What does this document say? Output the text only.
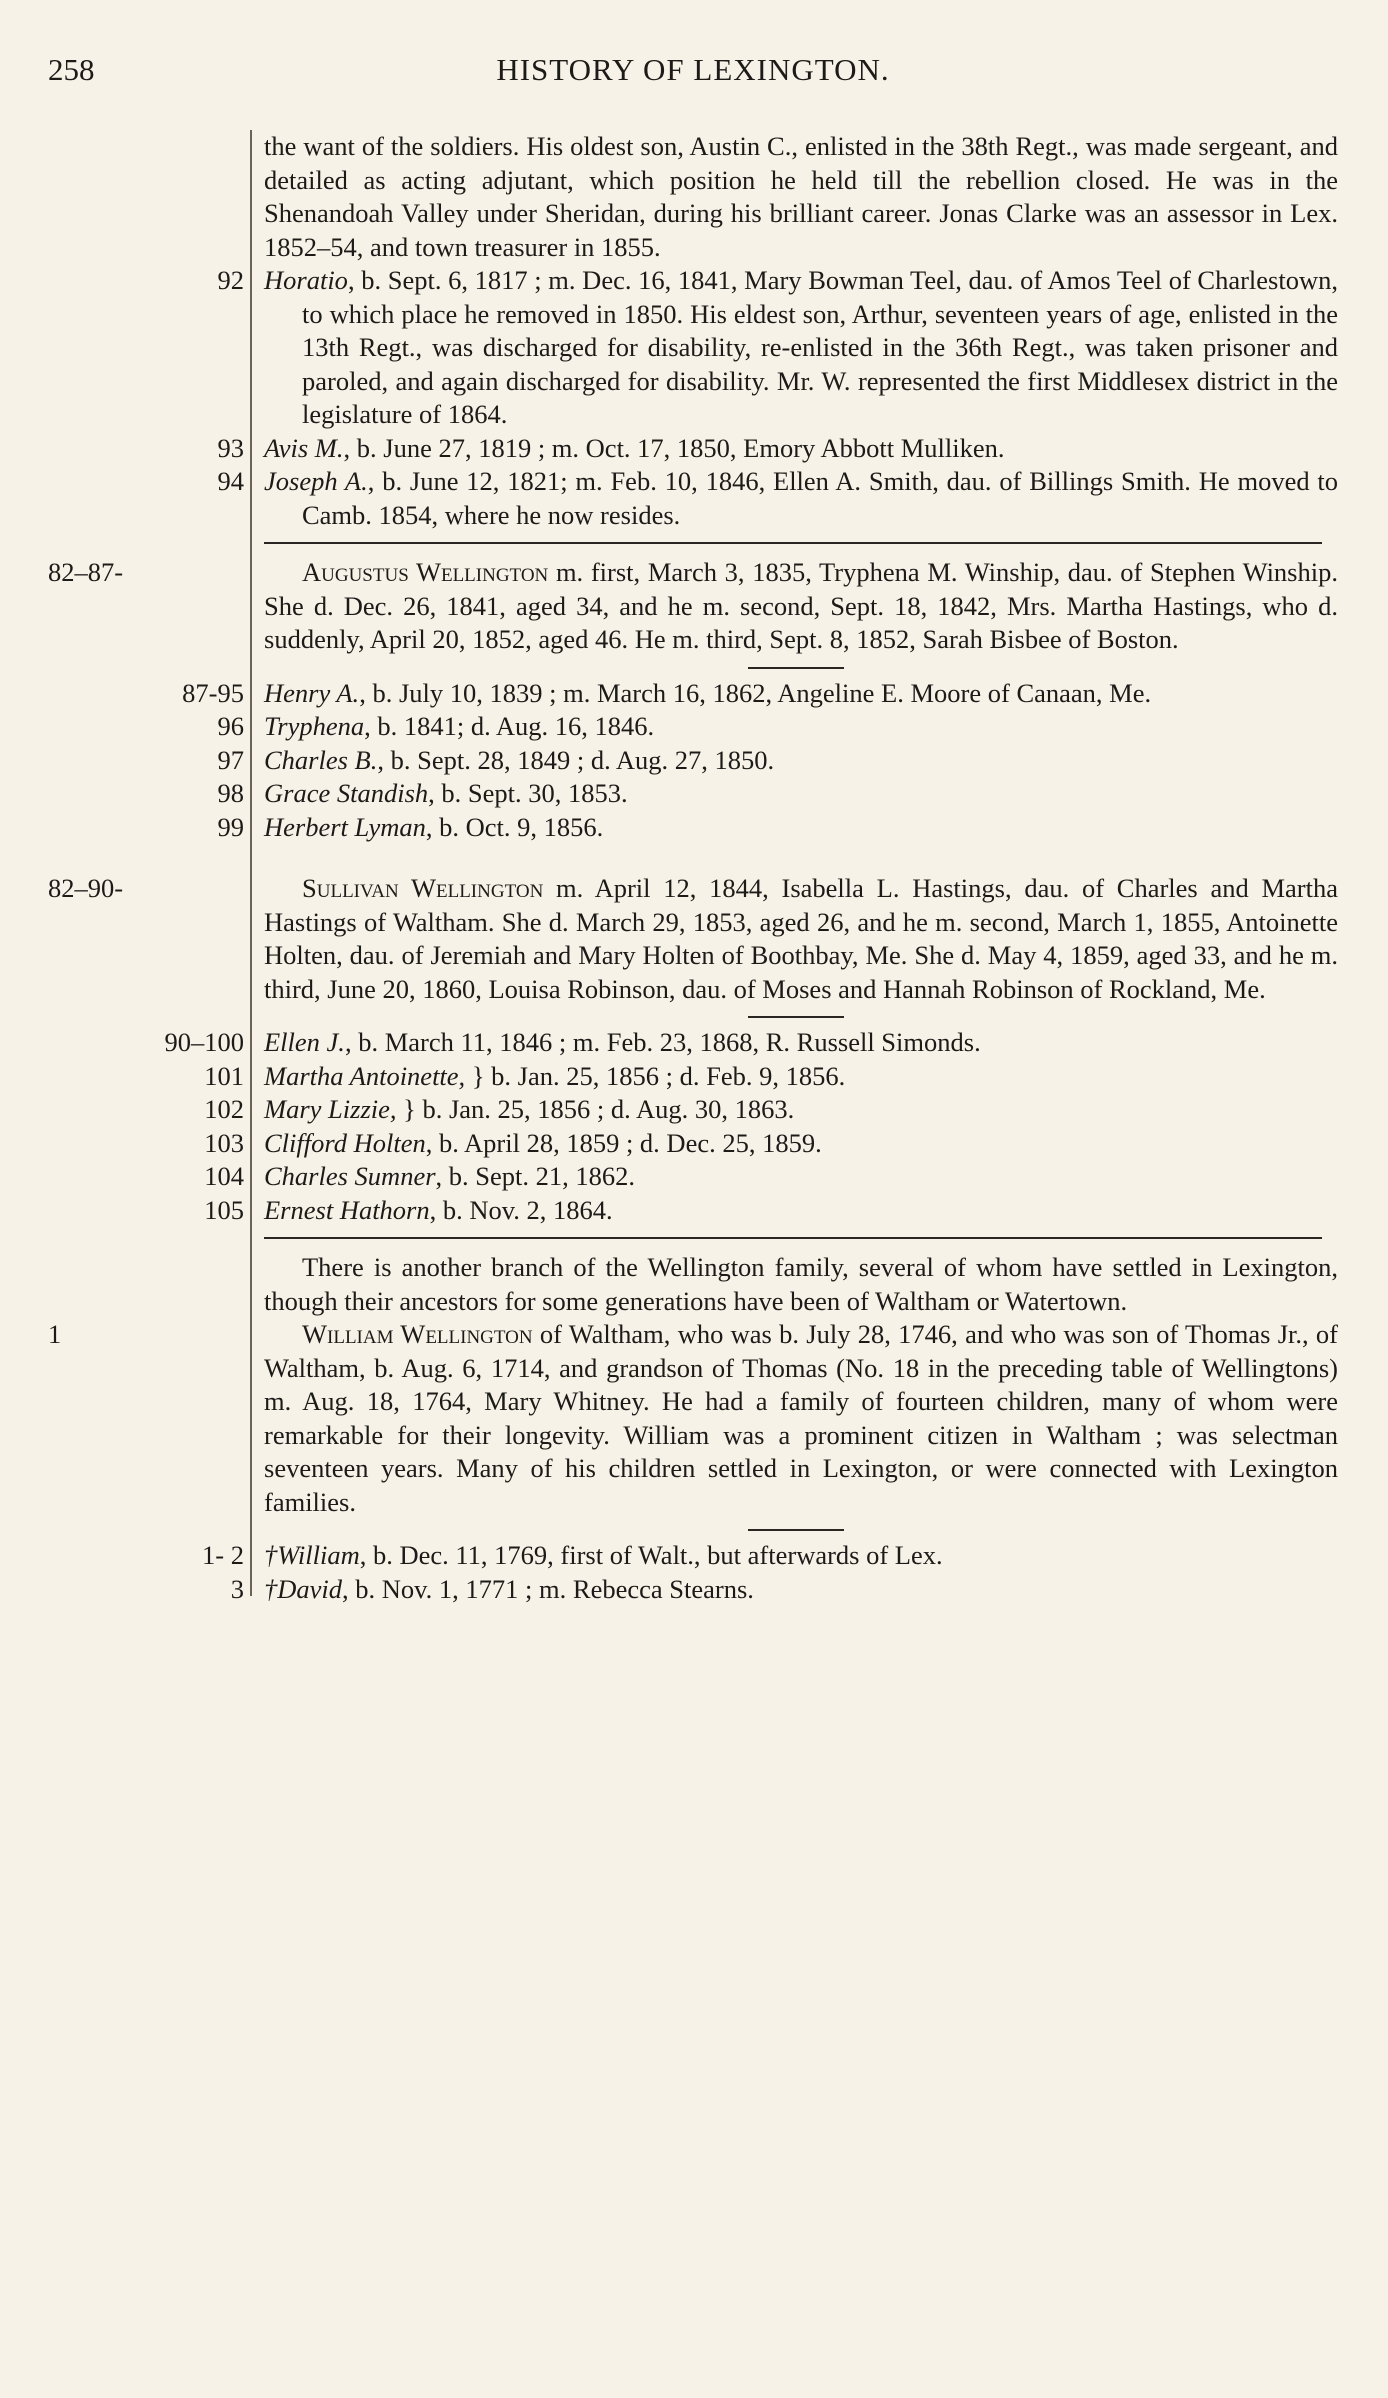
258	HISTORY OF LEXINGTON.
the want of the soldiers. His oldest son, Austin C., enlisted in the 38th Regt., was made sergeant, and detailed as acting adjutant, which position he held till the rebellion closed. He was in the Shenandoah Valley under Sheridan, during his brilliant career. Jonas Clarke was an assessor in Lex. 1852–54, and town treasurer in 1855.
92 Horatio, b. Sept. 6, 1817 ; m. Dec. 16, 1841, Mary Bowman Teel, dau. of Amos Teel of Charlestown, to which place he removed in 1850. His eldest son, Arthur, seventeen years of age, enlisted in the 13th Regt., was discharged for disability, re-enlisted in the 36th Regt., was taken prisoner and paroled, and again discharged for disability. Mr. W. represented the first Middlesex district in the legislature of 1864.
93 Avis M., b. June 27, 1819 ; m. Oct. 17, 1850, Emory Abbott Mulliken.
94 Joseph A., b. June 12, 1821; m. Feb. 10, 1846, Ellen A. Smith, dau. of Billings Smith. He moved to Camb. 1854, where he now resides.
82–87-	Augustus Wellington m. first, March 3, 1835, Tryphena M. Winship, dau. of Stephen Winship. She d. Dec. 26, 1841, aged 34, and he m. second, Sept. 18, 1842, Mrs. Martha Hastings, who d. suddenly, April 20, 1852, aged 46. He m. third, Sept. 8, 1852, Sarah Bisbee of Boston.
87-95 Henry A., b. July 10, 1839 ; m. March 16, 1862, Angeline E. Moore of Canaan, Me.
96 Tryphena, b. 1841; d. Aug. 16, 1846.
97 Charles B., b. Sept. 28, 1849 ; d. Aug. 27, 1850.
98 Grace Standish, b. Sept. 30, 1853.
99 Herbert Lyman, b. Oct. 9, 1856.
82–90-	Sullivan Wellington m. April 12, 1844, Isabella L. Hastings, dau. of Charles and Martha Hastings of Waltham. She d. March 29, 1853, aged 26, and he m. second, March 1, 1855, Antoinette Holten, dau. of Jeremiah and Mary Holten of Boothbay, Me. She d. May 4, 1859, aged 33, and he m. third, June 20, 1860, Louisa Robinson, dau. of Moses and Hannah Robinson of Rockland, Me.
90–100 Ellen J., b. March 11, 1846 ; m. Feb. 23, 1868, R. Russell Simonds.
101 Martha Antoinette, } b. Jan. 25, 1856 ; d. Feb. 9, 1856.
102 Mary Lizzie, } b. Jan. 25, 1856 ; d. Aug. 30, 1863.
103 Clifford Holten, b. April 28, 1859 ; d. Dec. 25, 1859.
104 Charles Sumner, b. Sept. 21, 1862.
105 Ernest Hathorn, b. Nov. 2, 1864.
There is another branch of the Wellington family, several of whom have settled in Lexington, though their ancestors for some generations have been of Waltham or Watertown.
1	William Wellington of Waltham, who was b. July 28, 1746, and who was son of Thomas Jr., of Waltham, b. Aug. 6, 1714, and grandson of Thomas (No. 18 in the preceding table of Wellingtons) m. Aug. 18, 1764, Mary Whitney. He had a family of fourteen children, many of whom were remarkable for their longevity. William was a prominent citizen in Waltham ; was selectman seventeen years. Many of his children settled in Lexington, or were connected with Lexington families.
1- 2 †William, b. Dec. 11, 1769, first of Walt., but afterwards of Lex.
3 †David, b. Nov. 1, 1771 ; m. Rebecca Stearns.
